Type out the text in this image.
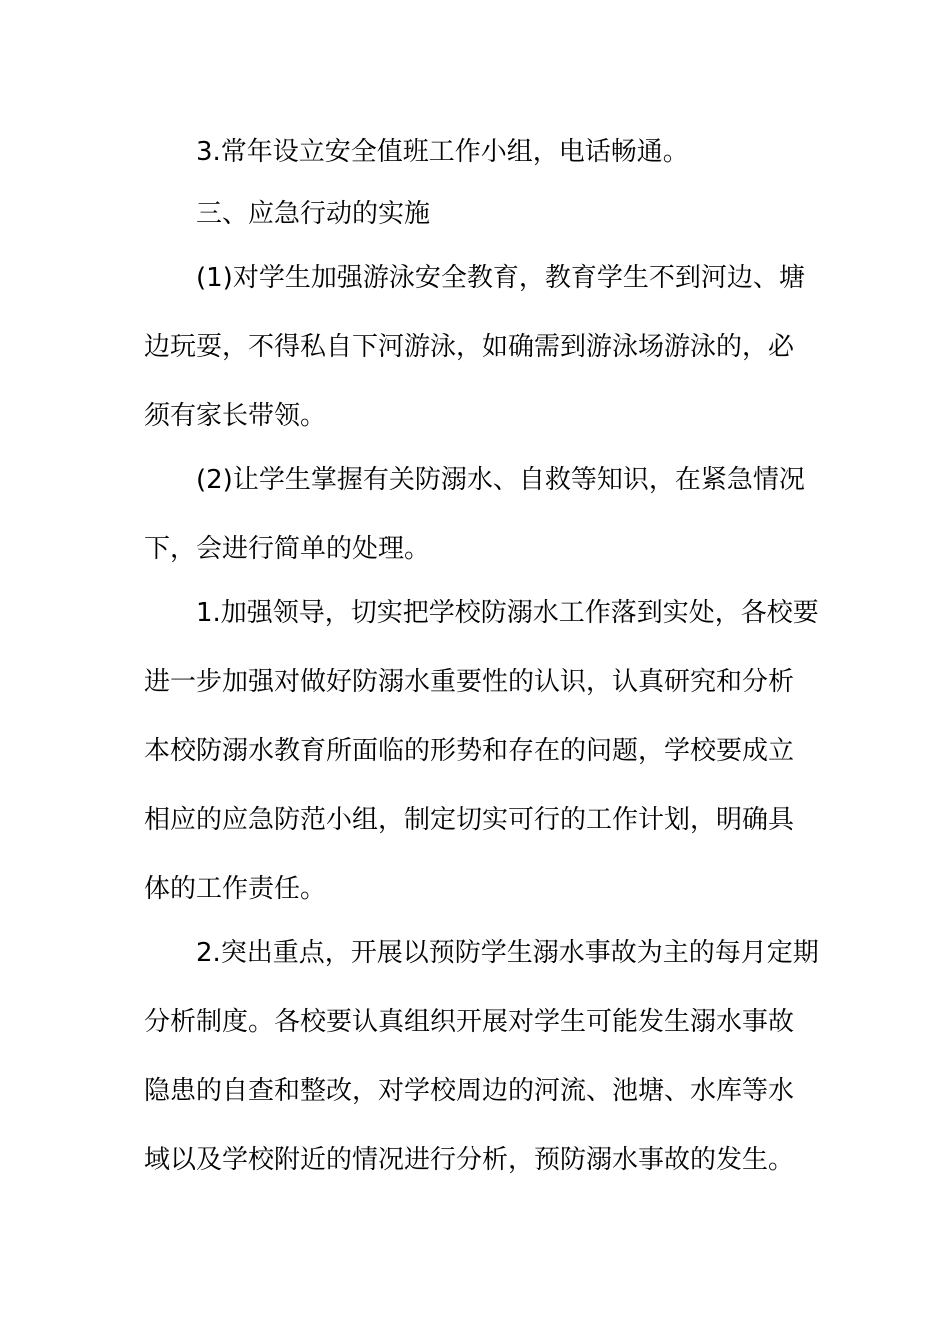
3.常年设立安全值班工作小组，电话畅通。
三、应急行动的实施
(1)对学生加强游泳安全教育，教育学生不到河边、塘
边玩耍，不得私自下河游泳，如确需到游泳场游泳的，必
须有家长带领。
(2)让学生掌握有关防溺水、自救等知识，在紧急情况
下，会进行简单的处理。
1.加强领导，切实把学校防溺水工作落到实处，各校要
进一步加强对做好防溺水重要性的认识，认真研究和分析
本校防溺水教育所面临的形势和存在的问题，学校要成立
相应的应急防范小组，制定切实可行的工作计划，明确具
体的工作责任。
2.突出重点，开展以预防学生溺水事故为主的每月定期
分析制度。各校要认真组织开展对学生可能发生溺水事故
隐患的自查和整改，对学校周边的河流、池塘、水库等水
域以及学校附近的情况进行分析，预防溺水事故的发生。
